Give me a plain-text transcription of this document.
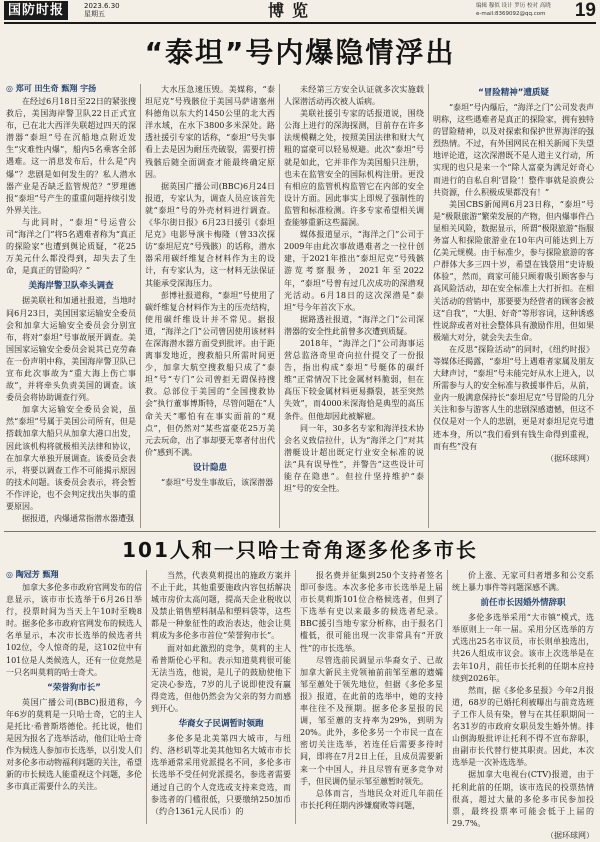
国防时报	2023.6.30
星期五	博览	编辑 穆似 设计 罗历 校对 高晓
e-mail:8369092@qq.com 19
“泰坦”号内爆隐情浮出

◎ 郑可 田生奇 甄翔 宇扬

在经过6月18日至22日的紧张搜救后，美国海岸警卫队22日正式宣布，已在北大西洋失联超过四天的深潜器“泰坦”号在沉船地点附近发生“灾难性内爆”，船内5名乘客全部遇难。这一消息发布后，什么是“内爆”？悲剧是如何发生的？私人潜水器产业是否缺乏监管规范？“罗理德报”泰坦”号产生的重重问题持续引发外界关注。

与此同时，“泰坦”号运营公司“海洋之门”将5名遇难者称为“真正的探险家”也遭到舆论质疑，“花25万美元什么都没得到，却失去了生命，是真正的冒险吗？”

美海岸警卫队牵头调查

据美联社和加通社报道，当地时间6月23日，美国国家运输安全委员会和加拿大运输安全委员会分别宣布，将对“泰坦”号事故展开调查。美国国家运输安全委员会说其已克劳森在一份声明中称，美国海岸警卫队已宣布此次事故为“重大海上伤亡事故”，并将牵头负责美国的调查。该委员会将协助调查行列。

加拿大运输安全委员会说，虽然“泰坦”号属于美国公司所有，但是搭载加拿大船只从加拿大港口出发，因此该机构将就极相关法律和协议，在加拿大单独开展调查。该委员会表示，将要以调查工作不可能揭示原因的技术问题。该委员会表示，将会暂不作评论，也不会判定找出失事的重要原因。

据报道，内爆通常指潜水器遭强

大水压急速压毁。美媒称，“泰坦尼克”号残骸位于美国马萨诸塞州科德角以东大约1450公里的北大西洋水域，在水下3800多米深处。路透社援引专家的话称，“泰坦”号失事看上去是因为耐压壳破裂，需要打捞残骸后随全面调查才能最终确定原因。

据英国广播公司(BBC)6月24日报道，专家认为，调查人员应该首先就“泰坦”号的外壳材料进行调查。《华尔街日报》6月23日援引《泰坦尼克》电影导演卡梅隆（曾33次探访“泰坦尼克”号残骸）的话称，潜水器采用碳纤维复合材料作为主的设计，有专家认为，这一材料无法保证其能承受深海压力。

彭博社报道称，“泰坦”号使用了碳纤维复合材料作为主的压壳结构，使用碳纤维设计并不常见。据报道，“海洋之门”公司曾因使用该材料在深海潜水器方面受到批评。由于距离事发地近，搜救船只所需时间更少，加拿大航空搜救船只成了“泰坦”号“专门”公司曾拒无谓保持搜救。总部位于美国的“全国搜救协会”执行董事博斯特，尽管问题在“人命关天”哪怕有在事实面前的“观点”，但仍然对“某些富豪花25万美元去玩命，出了事却要无辜者付出代价”感到不满。

设计隐患

“泰坦”号发生事故后，该深潜器

未经第三方安全认证就多次实施载人深潜活动再次被人诟病。

美联社援引专家的话报道说，围绕公海上进行的深海探测，目前存在许多法规模糊之处，按照美国法律和财大气粗的富豪可以轻易规避。此次“泰坦”号就是如此，它并非作为美国船只注册，也未在监管安全的国际机构注册。更没有相应的监管机构监管它在内部的安全设计方面。因此事实上即规了强制性的监管和标准检测。许多专家希望相关调查能够重新这些漏洞。

媒体报道显示，“海洋之门”公司于2009年由此次事故遇难者之一拉什创建，于2021年推出“泰坦尼克”号残骸游览考察服务，2021年至2022年，“泰坦”号曾有过几次成功的深潜观光活动。6月18日的这次深潜是“泰坦”号今年首次下水。

据路透社报道，“海洋之门”公司深潜器的安全性此前曾多次遭到质疑。

2018年，“海洋之门”公司海事运营总监洛奇里奇向拉什提交了一份报告，指出构成“泰坦”号艇体的碳纤维“正常情况下比金属材料脆弱，但在高压下较金属材料更易撕裂，甚至突然失效”，而4000米深海恰是典型的高压条件。但他却因此被解雇。

同一年，30多名专家和海洋技术协会名义致信拉什，认为“海洋之门”对其潜艇设计超出既定行业安全标准的说法“具有误导性”，并警告“这些设计可能存在隐患”。但拉什坚持维护“泰坦”号的安全性。

“冒险精神”遭质疑

“泰坦”号内爆后，“海洋之门”公司发表声明称，这些遇难者是真正的探险家，拥有独特的冒险精神，以及对探索和保护世界海洋的强烈热情。不过，有外国网民在相关新闻下失望地评论道，这次深潜既不是人道主义行动，所实现的也只是来一个“除人富豪为满足好奇心而进行的自私自利‘冒险’！整件事就是浪费公共资源，什么积极成果都没有！”

美国CBS新闻网6月23日称，“泰坦”号是“极限旅游”繁荣发展的产物，但内爆事件凸显相关风险，数据显示，所谓“极限旅游”指服务富人和探险旅游业在10年内可能达到上万亿美元规模。由于标准少，参与探险旅游的客户群体大多三四十岁，希望在钱袋用“史诗般体验”，然而，商家可能只顾着吸引顾客参与高风险活动，却在安全标准上大打折扣。在相关活动的营销中，那要要为经营者的顾客会被这“自我”，“大胆、好奇”等形容词，这种诱惑性说辞或者对社会整体具有激励作用，但如果极端大对分，就会失去生命。

在反思“探险活动”的同时，《纽约时报》等媒体还揭露，“泰坦”号上遇难者家属及朋友大肆声讨，“泰坦”号未能完好从水上进入，以所需参与人的安全标准与救援事件后，从前，业内一般满意保持长“泰坦尼克”号冒险的几分关注和参与游客人生的悲剧深感遗憾，但这不仅仅是对一个人的悲剧，更是对泰坦尼克号遗迹本身，所以“我们看到有钱生命得到重视，而有些”没有

（据环球网）

101人和一只哈士奇角逐多伦多市长

◎ 陶冠芳 甄翔

加拿大多伦多市政府官网发布的信息显示，该市市长选举于6月26日举行，投票时间为当天上午10时至晚8时。据多伦多市政府官网发布的候选人名单显示，本次市长选举的候选者共102位，令人惊奇的是，这102位中有101位是人类候选人，还有一位竟然是一只名叫莫莉的哈士奇犬。

“荣誉狗市长”

英国广播公司(BBC)报道称，今年6岁的莫莉是一只哈士奇，它的主人是托比·希普斯塔德伦。托比说，他们是因为报名了选举活动，他们让哈士奇作为候选人参加市长选举，以引发人们对多伦多市动物福利问题的关注，希望新的市长候选人能重视这个问题，多伦多市真正需要什么的关注。

当然，代表莫莉提出的施政方案并不止于此，其他重要施政内容包括解决城市房价太高问题，提高天企业税收以及禁止销售塑料制品和塑料袋等，这些都是一种象征性的政治表达，他会让莫莉成为多伦多市首位“荣誉狗市长”。

面对如此激烈的竞争，莫莉的主人希普斯伦心平和。表示知道莫莉很可能无法当选，他说，是儿子的鼓励使他下定决心参选，7岁的儿子说即使没有赢得竞选，但他仍然会为父亲的努力而感到开心。

华裔女子民调暂时领跑

多伦多是北美第四大城市，与纽约、洛杉矶等北美其他知名大城市市长选举通常采用党派提名不同，多伦多市长选举不受任何党派提名，参选者需要通过自己的个人竞选或支持来竞选，而参选者的门槛很低，只要缴纳250加币（约合1361元人民币）的

报名费并征集到250个支持者签名即可参选。本次多伦多市长选举是上届市长莫莉斯101位合格候选者，但到了下选举有史以来最多的候选者纪录。BBC援引当地专家分析称，由于报名门槛低，很可能出现一次非常具有“开放性”的市长选举。

尽管选前民调显示华裔女子、已故加拿大新民主党领袖前前邹至蕙的遗孀邹至蕙处于领先地位，但据《多伦多星报》报道，在此前的选举中，她的支持率往往不及预期。据多伦多星报的民调，邹至蕙的支持率为29%，到明为20%。此外，多伦多另一个市民一直在密切关注选举，若连任后需要多待时间，即将在7月2日上任，且成员需要新来一个中国人，并且尽管有更多竞争对手，但民调仍显示邹至蕙暂时领先。

总体而言，当地民众对近几年前任市长托利任期内涉嫌腐败等问题，

价上涨、无家可归者增多和公交系统上暴力事件等问题深感不满。

前任市长因婚外情辞职

多伦多选举采用“大市镇”模式，选举原则上一年一届。采用分区选举的方式选出25名市议员，市长则单独选出，共26人组成市议会。该市上次选举是在去年10月，前任市长托利的任期本应持续到2026年。

然而，据《多伦多星报》今年2月报道，68岁的已婚托利被曝出与前竞选班子工作人员有染，曾与在其任职期间一名31岁的市政府女职员发生婚外情。排山倒海般批评让托利不得不宣布辞职，由副市长代替行使其职责。因此，本次选举是一次补选选举。

据加拿大电视台(CTV)报道，由于托利此前的任期，该市选民的投票热情很高，超过大量的多伦多市民参加投票，最终投票率可能会低于上届的29.7%。

（据环球网）
